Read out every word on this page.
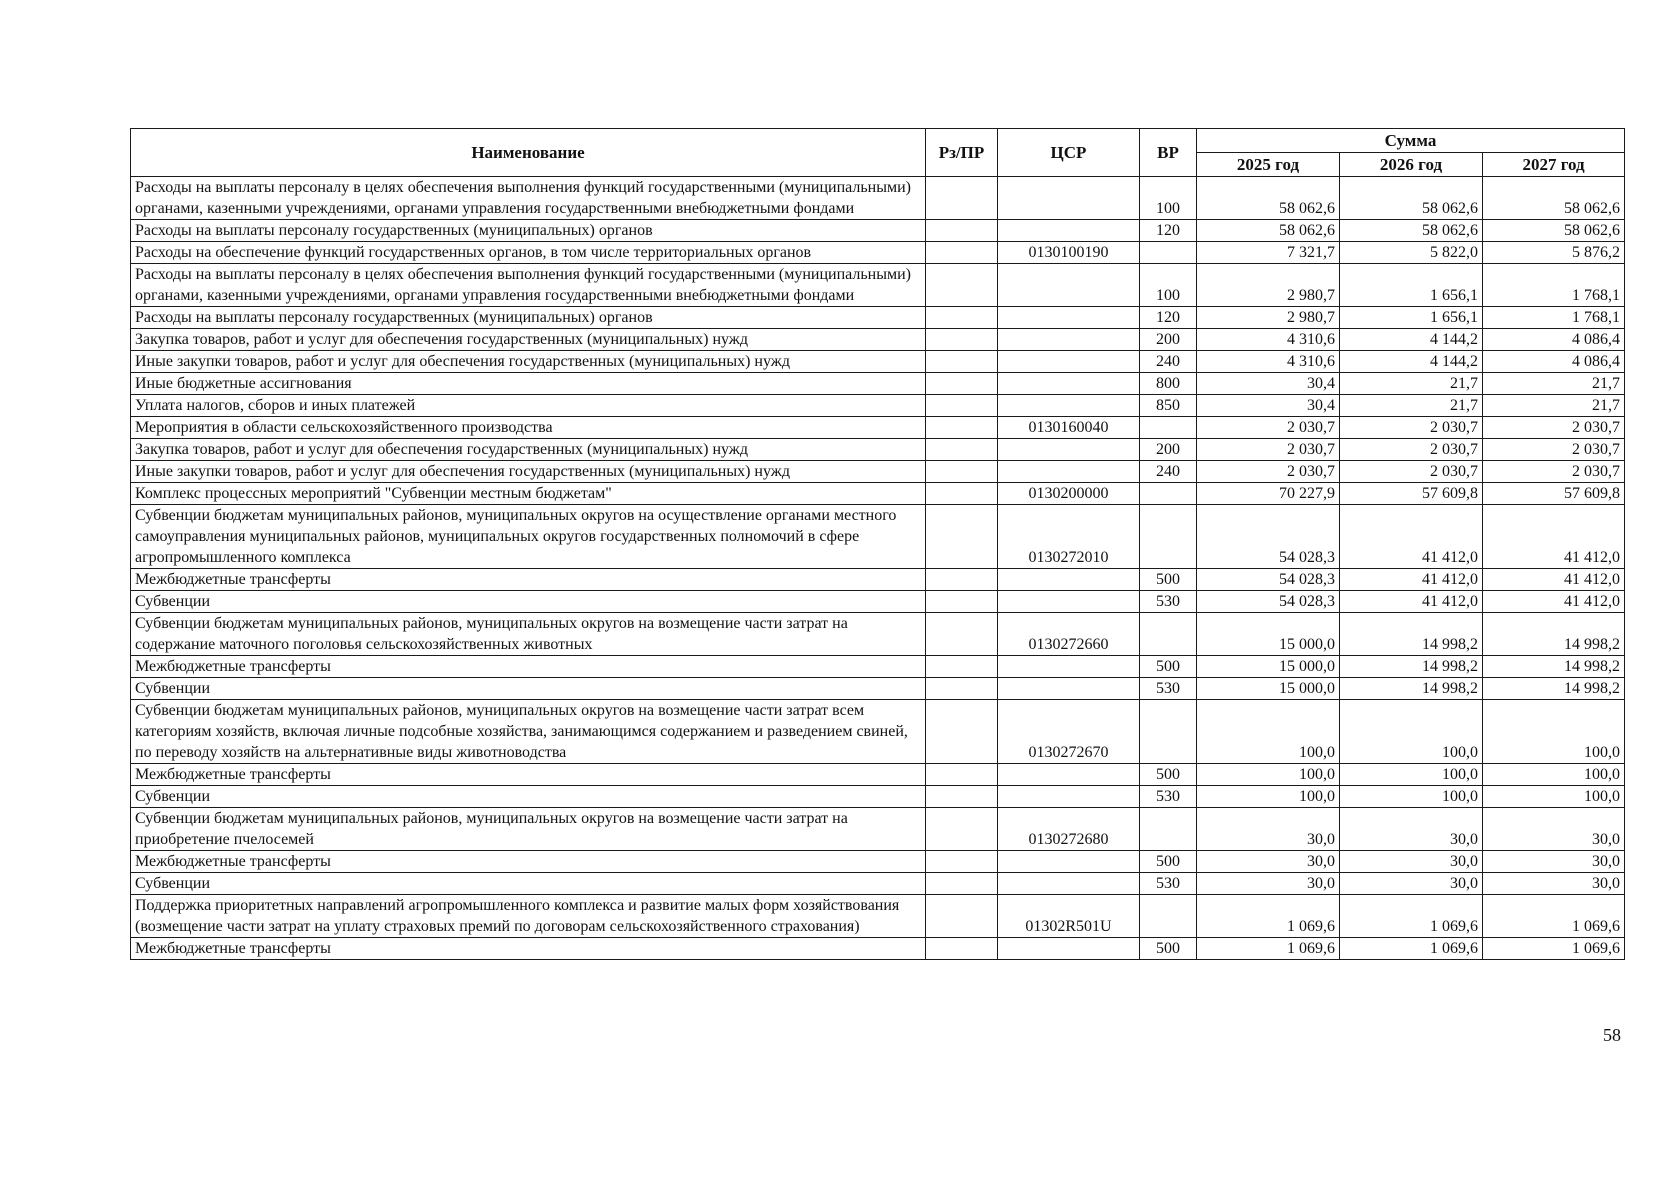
Наименование	Рз/ПР	ЦСР	ВР	Сумма		
				2025 год	2026 год	2027 год
Расходы на выплаты персоналу в целях обеспечения выполнения функций государственными (муниципальными) органами, казенными учреждениями, органами управления государственными внебюджетными фондами			100	58 062,6	58 062,6	58 062,6
Расходы на выплаты персоналу государственных (муниципальных) органов			120	58 062,6	58 062,6	58 062,6
Расходы на обеспечение функций государственных органов, в том числе территориальных органов		0130100190		7 321,7	5 822,0	5 876,2
Расходы на выплаты персоналу в целях обеспечения выполнения функций государственными (муниципальными) органами, казенными учреждениями, органами управления государственными внебюджетными фондами			100	2 980,7	1 656,1	1 768,1
Расходы на выплаты персоналу государственных (муниципальных) органов			120	2 980,7	1 656,1	1 768,1
Закупка товаров, работ и услуг для обеспечения государственных (муниципальных) нужд			200	4 310,6	4 144,2	4 086,4
Иные закупки товаров, работ и услуг для обеспечения государственных (муниципальных) нужд			240	4 310,6	4 144,2	4 086,4
Иные бюджетные ассигнования			800	30,4	21,7	21,7
Уплата налогов, сборов и иных платежей			850	30,4	21,7	21,7
Мероприятия в области сельскохозяйственного производства		0130160040		2 030,7	2 030,7	2 030,7
Закупка товаров, работ и услуг для обеспечения государственных (муниципальных) нужд			200	2 030,7	2 030,7	2 030,7
Иные закупки товаров, работ и услуг для обеспечения государственных (муниципальных) нужд			240	2 030,7	2 030,7	2 030,7
Комплекс процессных мероприятий "Субвенции местным бюджетам"		0130200000		70 227,9	57 609,8	57 609,8
Субвенции бюджетам муниципальных районов, муниципальных округов на осуществление органами местного самоуправления муниципальных районов, муниципальных округов государственных полномочий в сфере агропромышленного комплекса		0130272010		54 028,3	41 412,0	41 412,0
Межбюджетные трансферты			500	54 028,3	41 412,0	41 412,0
Субвенции			530	54 028,3	41 412,0	41 412,0
Субвенции бюджетам муниципальных районов, муниципальных округов на возмещение части затрат на содержание маточного поголовья сельскохозяйственных животных		0130272660		15 000,0	14 998,2	14 998,2
Межбюджетные трансферты			500	15 000,0	14 998,2	14 998,2
Субвенции			530	15 000,0	14 998,2	14 998,2
Субвенции бюджетам муниципальных районов, муниципальных округов на возмещение части затрат всем категориям хозяйств, включая личные подсобные хозяйства, занимающимся содержанием и разведением свиней, по переводу хозяйств на альтернативные виды животноводства		0130272670		100,0	100,0	100,0
Межбюджетные трансферты			500	100,0	100,0	100,0
Субвенции			530	100,0	100,0	100,0
Субвенции бюджетам муниципальных районов, муниципальных округов на возмещение части затрат на приобретение пчелосемей		0130272680		30,0	30,0	30,0
Межбюджетные трансферты			500	30,0	30,0	30,0
Субвенции			530	30,0	30,0	30,0
Поддержка приоритетных направлений агропромышленного комплекса и развитие малых форм хозяйствования (возмещение части затрат на уплату страховых премий по договорам сельскохозяйственного страхования)		01302R501U		1 069,6	1 069,6	1 069,6
Межбюджетные трансферты			500	1 069,6	1 069,6	1 069,6
58
